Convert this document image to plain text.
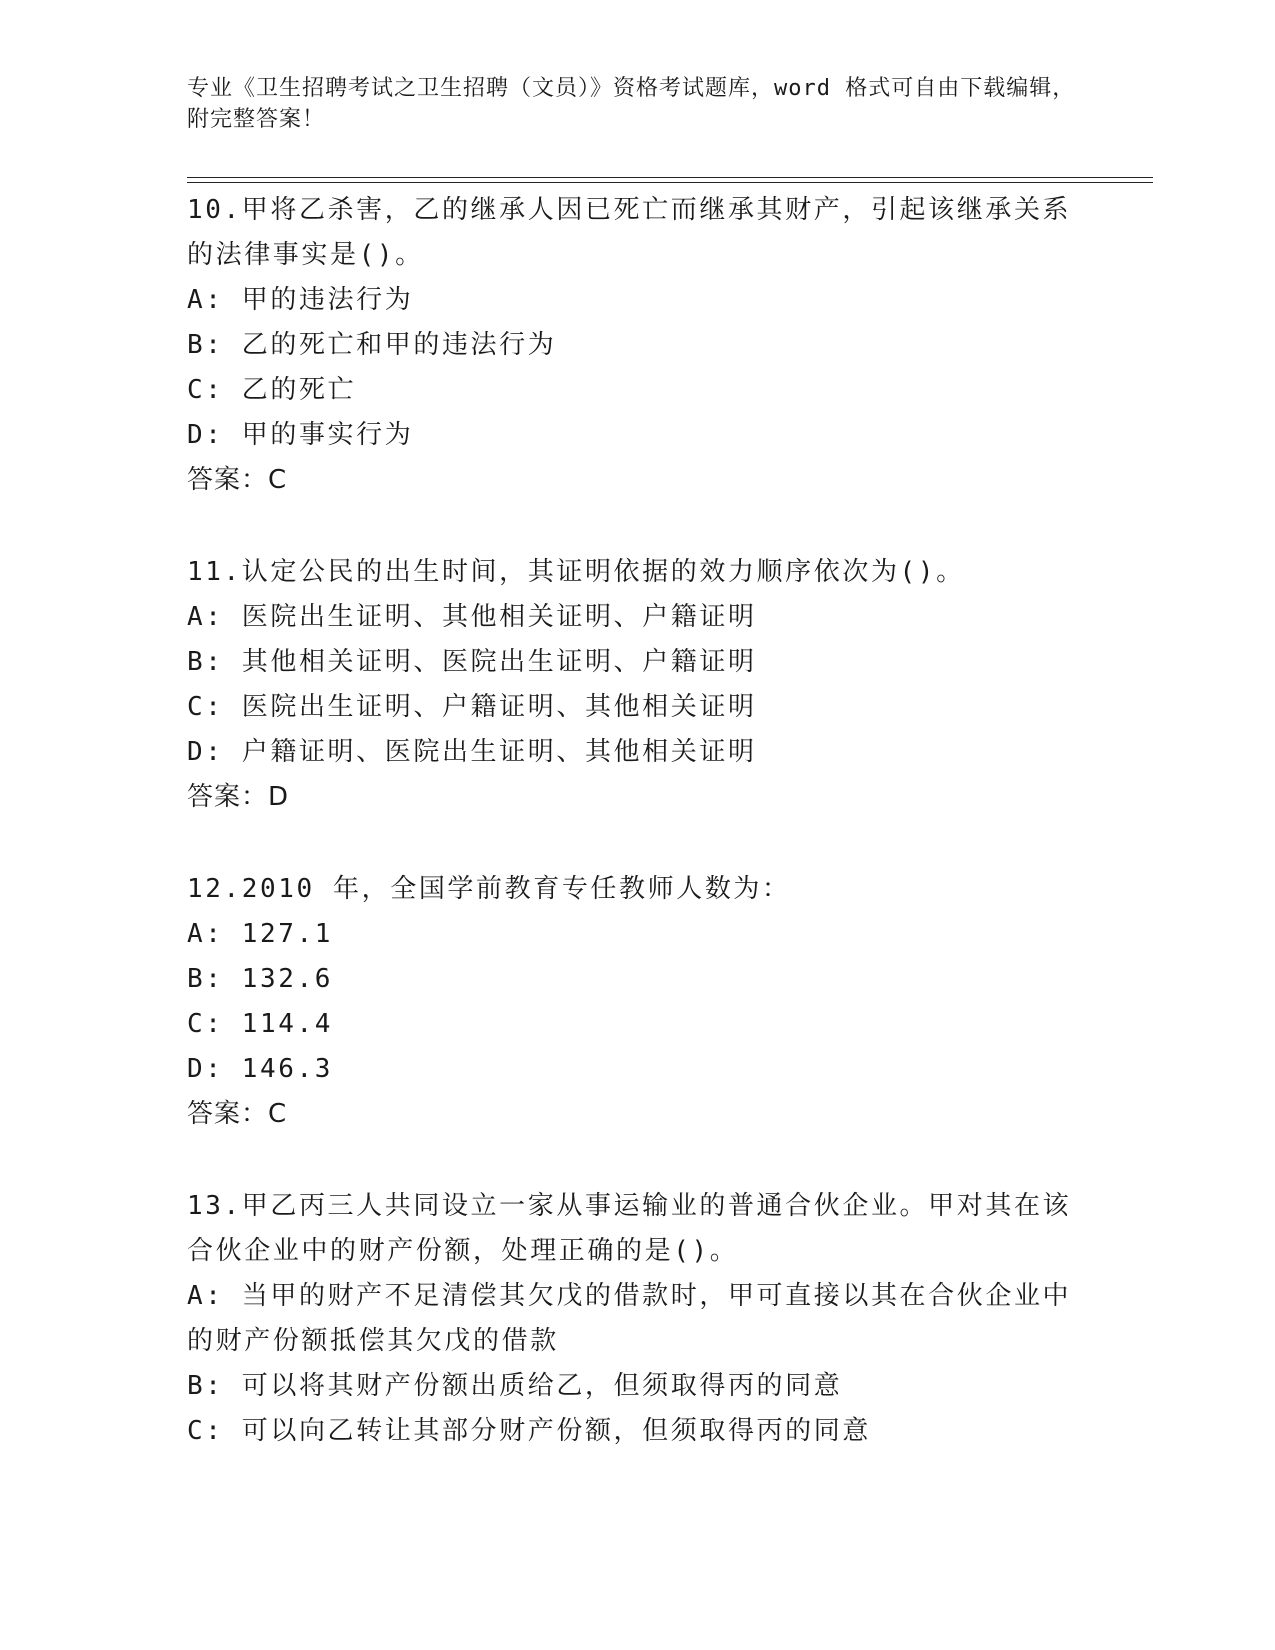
专业《卫生招聘考试之卫生招聘（文员）》资格考试题库，word 格式可自由下载编辑，附完整答案！
10.甲将乙杀害，乙的继承人因已死亡而继承其财产，引起该继承关系的法律事实是()。
A: 甲的违法行为
B: 乙的死亡和甲的违法行为
C: 乙的死亡
D: 甲的事实行为
答案：C
11.认定公民的出生时间，其证明依据的效力顺序依次为()。
A: 医院出生证明、其他相关证明、户籍证明
B: 其他相关证明、医院出生证明、户籍证明
C: 医院出生证明、户籍证明、其他相关证明
D: 户籍证明、医院出生证明、其他相关证明
答案：D
12.2010 年，全国学前教育专任教师人数为：
A: 127.1
B: 132.6
C: 114.4
D: 146.3
答案：C
13.甲乙丙三人共同设立一家从事运输业的普通合伙企业。甲对其在该合伙企业中的财产份额，处理正确的是()。
A: 当甲的财产不足清偿其欠戊的借款时，甲可直接以其在合伙企业中的财产份额抵偿其欠戊的借款
B: 可以将其财产份额出质给乙，但须取得丙的同意
C: 可以向乙转让其部分财产份额，但须取得丙的同意
